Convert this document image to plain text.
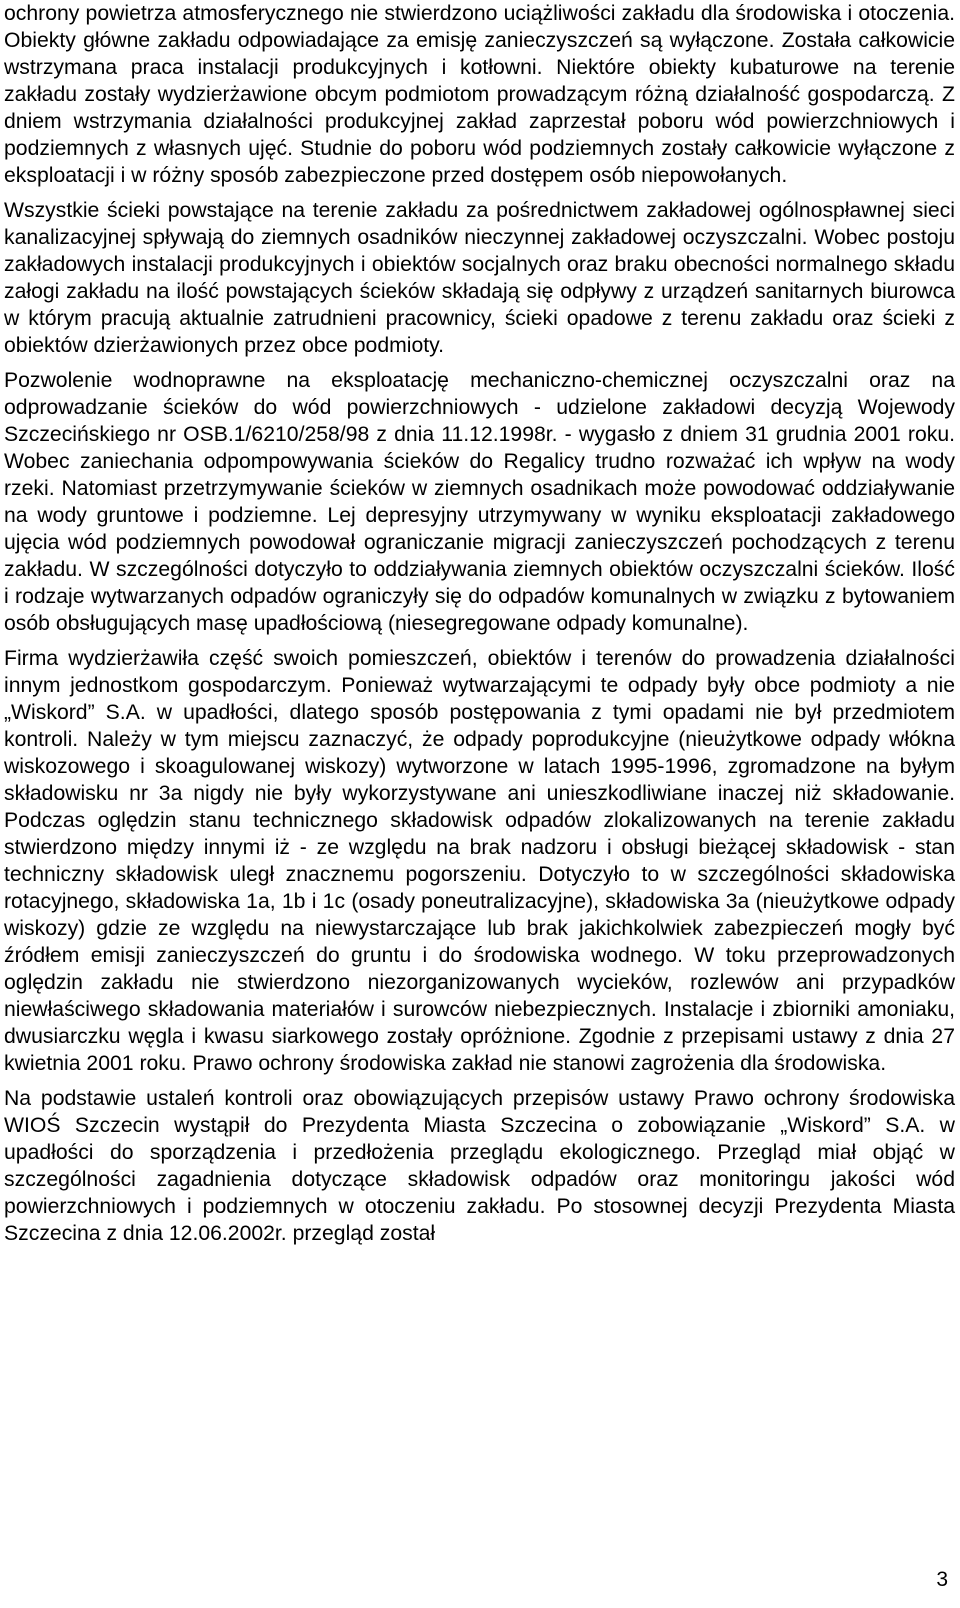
ochrony powietrza atmosferycznego nie stwierdzono uciążliwości zakładu dla środowiska i otoczenia. Obiekty główne zakładu odpowiadające za emisję zanieczyszczeń są wyłączone. Została całkowicie wstrzymana praca instalacji produkcyjnych i kotłowni. Niektóre obiekty kubaturowe na terenie zakładu zostały wydzierżawione obcym podmiotom prowadzącym różną działalność gospodarczą. Z dniem wstrzymania działalności produkcyjnej zakład zaprzestał poboru wód powierzchniowych i podziemnych z własnych ujęć. Studnie do poboru wód podziemnych zostały całkowicie wyłączone z eksploatacji i w różny sposób zabezpieczone przed dostępem osób niepowołanych.

Wszystkie ścieki powstające na terenie zakładu za pośrednictwem zakładowej ogólnospławnej sieci kanalizacyjnej spływają do ziemnych osadników nieczynnej zakładowej oczyszczalni. Wobec postoju zakładowych instalacji produkcyjnych i obiektów socjalnych oraz braku obecności normalnego składu załogi zakładu na ilość powstających ścieków składają się odpływy z urządzeń sanitarnych biurowca w którym pracują aktualnie zatrudnieni pracownicy, ścieki opadowe z terenu zakładu oraz ścieki z obiektów dzierżawionych przez obce podmioty.

Pozwolenie wodnoprawne na eksploatację mechaniczno-chemicznej oczyszczalni oraz na odprowadzanie ścieków do wód powierzchniowych - udzielone zakładowi decyzją Wojewody Szczecińskiego nr OSB.1/6210/258/98 z dnia 11.12.1998r. - wygasło z dniem 31 grudnia 2001 roku. Wobec zaniechania odpompowywania ścieków do Regalicy trudno rozważać ich wpływ na wody rzeki. Natomiast przetrzymywanie ścieków w ziemnych osadnikach może powodować oddziaływanie na wody gruntowe i podziemne. Lej depresyjny utrzymywany w wyniku eksploatacji zakładowego ujęcia wód podziemnych powodował ograniczanie migracji zanieczyszczeń pochodzących z terenu zakładu. W szczególności dotyczyło to oddziaływania ziemnych obiektów oczyszczalni ścieków. Ilość i rodzaje wytwarzanych odpadów ograniczyły się do odpadów komunalnych w związku z bytowaniem osób obsługujących masę upadłościową (niesegregowane odpady komunalne).

Firma wydzierżawiła część swoich pomieszczeń, obiektów i terenów do prowadzenia działalności innym jednostkom gospodarczym. Ponieważ wytwarzającymi te odpady były obce podmioty a nie „Wiskord” S.A. w upadłości, dlatego sposób postępowania z tymi opadami nie był przedmiotem kontroli. Należy w tym miejscu zaznaczyć, że odpady poprodukcyjne (nieużytkowe odpady włókna wiskozowego i skoagulowanej wiskozy) wytworzone w latach 1995-1996, zgromadzone na byłym składowisku nr 3a nigdy nie były wykorzystywane ani unieszkodliwiane inaczej niż składowanie. Podczas oględzin stanu technicznego składowisk odpadów zlokalizowanych na terenie zakładu stwierdzono między innymi iż - ze względu na brak nadzoru i obsługi bieżącej składowisk - stan techniczny składowisk uległ znacznemu pogorszeniu. Dotyczyło to w szczególności składowiska rotacyjnego, składowiska 1a, 1b i 1c (osady poneutralizacyjne), składowiska 3a (nieużytkowe odpady wiskozy) gdzie ze względu na niewystarczające lub brak jakichkolwiek zabezpieczeń mogły być źródłem emisji zanieczyszczeń do gruntu i do środowiska wodnego. W toku przeprowadzonych oględzin zakładu nie stwierdzono niezorganizowanych wycieków, rozlewów ani przypadków niewłaściwego składowania materiałów i surowców niebezpiecznych. Instalacje i zbiorniki amoniaku, dwusiarczku węgla i kwasu siarkowego zostały opróżnione. Zgodnie z przepisami ustawy z dnia 27 kwietnia 2001 roku. Prawo ochrony środowiska zakład nie stanowi zagrożenia dla środowiska.

Na podstawie ustaleń kontroli oraz obowiązujących przepisów ustawy Prawo ochrony środowiska WIOŚ Szczecin wystąpił do Prezydenta Miasta Szczecina o zobowiązanie „Wiskord” S.A. w upadłości do sporządzenia i przedłożenia przeglądu ekologicznego. Przegląd miał objąć w szczególności zagadnienia dotyczące składowisk odpadów oraz monitoringu jakości wód powierzchniowych i podziemnych w otoczeniu zakładu. Po stosownej decyzji Prezydenta Miasta Szczecina z dnia 12.06.2002r. przegląd został

3
